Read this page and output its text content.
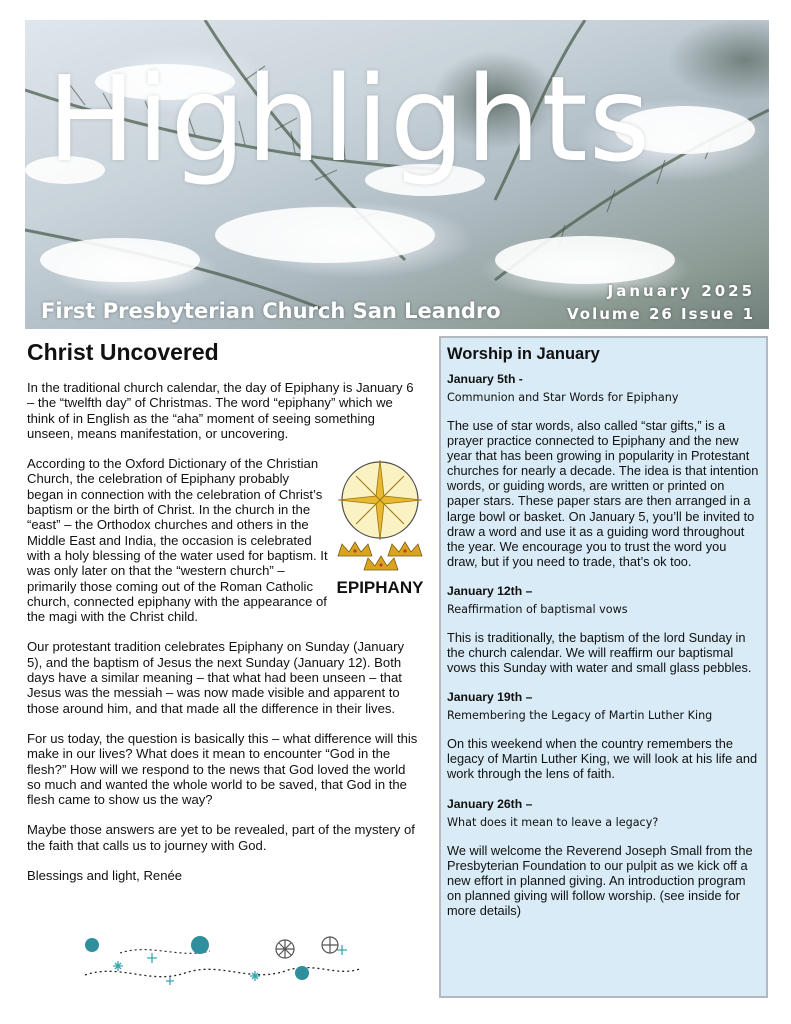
Highlights
First Presbyterian Church San Leandro
January 2025
Volume 26 Issue 1
Christ Uncovered

In the traditional church calendar, the day of Epiphany is January 6 – the “twelfth day” of Christmas. The word “epiphany” which we think of in English as the “aha” moment of seeing something unseen, means manifestation, or uncovering.

EPIPHANY

According to the Oxford Dictionary of the Christian Church, the celebration of Epiphany probably began in connection with the celebration of Christ’s baptism or the birth of Christ. In the church in the “east” – the Orthodox churches and others in the Middle East and India, the occasion is celebrated with a holy blessing of the water used for baptism. It was only later on that the “western church” – primarily those coming out of the Roman Catholic church, connected epiphany with the appearance of the magi with the Christ child.

Our protestant tradition celebrates Epiphany on Sunday (January 5), and the baptism of Jesus the next Sunday (January 12). Both days have a similar meaning – that what had been unseen – that Jesus was the messiah – was now made visible and apparent to those around him, and that made all the difference in their lives.

For us today, the question is basically this – what difference will this make in our lives? What does it mean to encounter “God in the flesh?” How will we respond to the news that God loved the world so much and wanted the whole world to be saved, that God in the flesh came to show us the way?

Maybe those answers are yet to be revealed, part of the mystery of the faith that calls us to journey with God.

Blessings and light, Renée

Worship in January
January 5th -
Communion and Star Words for Epiphany
The use of star words, also called “star gifts,” is a prayer practice connected to Epiphany and the new year that has been growing in popularity in Protestant churches for nearly a decade. The idea is that intention words, or guiding words, are written or printed on paper stars. These paper stars are then arranged in a large bowl or basket. On January 5, you’ll be invited to draw a word and use it as a guiding word throughout the year. We encourage you to trust the word you draw, but if you need to trade, that’s ok too.
January 12th –
Reaffirmation of baptismal vows
This is traditionally, the baptism of the lord Sunday in the church calendar. We will reaffirm our baptismal vows this Sunday with water and small glass pebbles.
January 19th –
Remembering the Legacy of Martin Luther King
On this weekend when the country remembers the legacy of Martin Luther King, we will look at his life and work through the lens of faith.
January 26th –
What does it mean to leave a legacy?
We will welcome the Reverend Joseph Small from the Presbyterian Foundation to our pulpit as we kick off a new effort in planned giving. An introduction program on planned giving will follow worship. (see inside for more details)
